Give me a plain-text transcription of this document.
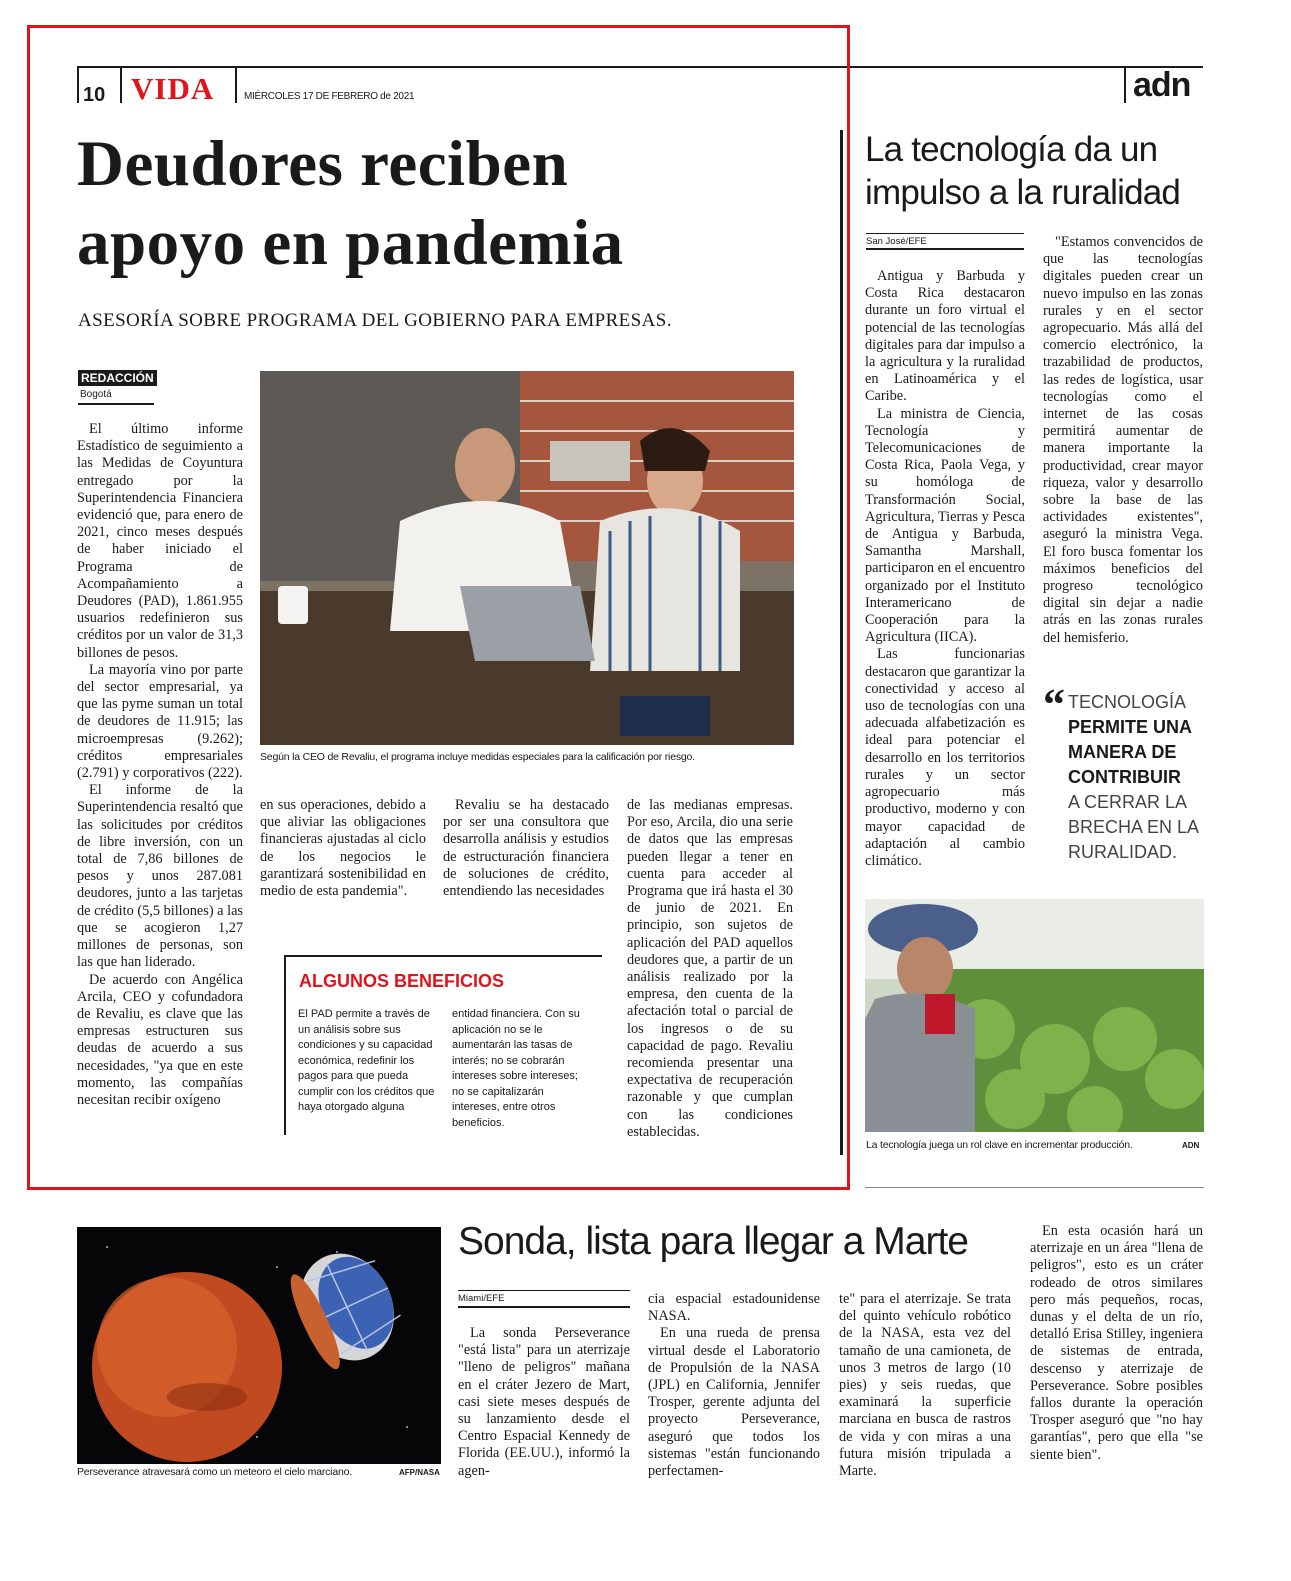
10 VIDA	MIÉRCOLES 17 DE FEBRERO de 2021	adn
Deudores reciben
apoyo en pandemia
ASESORÍA SOBRE PROGRAMA DEL GOBIERNO PARA EMPRESAS.
REDACCIÓN
Bogotá
Según la CEO de Revaliu, el programa incluye medidas especiales para la calificación por riesgo.

El último informe Estadístico de seguimiento a las Medidas de Coyuntura entregado por la Superintendencia Financiera evidenció que, para enero de 2021, cinco meses después de haber iniciado el Programa de Acompañamiento a Deudores (PAD), 1.861.955 usuarios redefinieron sus créditos por un valor de 31,3 billones de pesos.

La mayoría vino por parte del sector empresarial, ya que las pyme suman un total de deudores de 11.915; las microempresas (9.262); créditos empresariales (2.791) y corporativos (222).

El informe de la Superintendencia resaltó que las solicitudes por créditos de libre inversión, con un total de 7,86 billones de pesos y unos 287.081 deudores, junto a las tarjetas de crédito (5,5 billones) a las que se acogieron 1,27 millones de personas, son las que han liderado.

De acuerdo con Angélica Arcila, CEO y cofundadora de Revaliu, es clave que las empresas estructuren sus deudas de acuerdo a sus necesidades, "ya que en este momento, las compañías necesitan recibir oxígeno

en sus operaciones, debido a que aliviar las obligaciones financieras ajustadas al ciclo de los negocios le garantizará sostenibilidad en medio de esta pandemia".

Revaliu se ha destacado por ser una consultora que desarrolla análisis y estudios de estructuración financiera de soluciones de crédito, entendiendo las necesidades

de las medianas empresas. Por eso, Arcila, dio una serie de datos que las empresas pueden llegar a tener en cuenta para acceder al Programa que irá hasta el 30 de junio de 2021. En principio, son sujetos de aplicación del PAD aquellos deudores que, a partir de un análisis realizado por la empresa, den cuenta de la afectación total o parcial de los ingresos o de su capacidad de pago. Revaliu recomienda presentar una expectativa de recuperación razonable y que cumplan con las condiciones establecidas.

ALGUNOS BENEFICIOS
El PAD permite a través de un análisis sobre sus condiciones y su capacidad económica, redefinir los pagos para que pueda cumplir con los créditos que haya otorgado alguna
entidad financiera. Con su aplicación no se le aumentarán las tasas de interés; no se cobrarán intereses sobre intereses; no se capitalizarán intereses, entre otros beneficios.
La tecnología da un impulso a la ruralidad
San José/EFE

Antigua y Barbuda y Costa Rica destacaron durante un foro virtual el potencial de las tecnologías digitales para dar impulso a la agricultura y la ruralidad en Latinoamérica y el Caribe.

La ministra de Ciencia, Tecnología y Telecomunicaciones de Costa Rica, Paola Vega, y su homóloga de Transformación Social, Agricultura, Tierras y Pesca de Antigua y Barbuda, Samantha Marshall, participaron en el encuentro organizado por el Instituto Interamericano de Cooperación para la Agricultura (IICA).

Las funcionarias destacaron que garantizar la conectividad y acceso al uso de tecnologías con una adecuada alfabetización es ideal para potenciar el desarrollo en los territorios rurales y un sector agropecuario más productivo, moderno y con mayor capacidad de adaptación al cambio climático.

"Estamos convencidos de que las tecnologías digitales pueden crear un nuevo impulso en las zonas rurales y en el sector agropecuario. Más allá del comercio electrónico, la trazabilidad de productos, las redes de logística, usar tecnologías como el internet de las cosas permitirá aumentar de manera importante la productividad, crear mayor riqueza, valor y desarrollo sobre la base de las actividades existentes", aseguró la ministra Vega. El foro busca fomentar los máximos beneficios del progreso tecnológico digital sin dejar a nadie atrás en las zonas rurales del hemisferio.

“ TECNOLOGÍA
PERMITE UNA MANERA DE CONTRIBUIR
A CERRAR LA BRECHA EN LA RURALIDAD.
La tecnología juega un rol clave en incrementar producción.	ADN
Perseverance atravesará como un meteoro el cielo marciano.	AFP/NASA
Sonda, lista para llegar a Marte
Miami/EFE

La sonda Perseverance "está lista" para un aterrizaje "lleno de peligros" mañana en el cráter Jezero de Mart, casi siete meses después de su lanzamiento desde el Centro Espacial Kennedy de Florida (EE.UU.), informó la agen-

cia espacial estadounidense NASA.

En una rueda de prensa virtual desde el Laboratorio de Propulsión de la NASA (JPL) en California, Jennifer Trosper, gerente adjunta del proyecto Perseverance, aseguró que todos los sistemas "están funcionando perfectamen-

te" para el aterrizaje. Se trata del quinto vehículo robótico de la NASA, esta vez del tamaño de una camioneta, de unos 3 metros de largo (10 pies) y seis ruedas, que examinará la superficie marciana en busca de rastros de vida y con miras a una futura misión tripulada a Marte.

En esta ocasión hará un aterrizaje en un área "llena de peligros", esto es un cráter rodeado de otros similares pero más pequeños, rocas, dunas y el delta de un río, detalló Erisa Stilley, ingeniera de sistemas de entrada, descenso y aterrizaje de Perseverance. Sobre posibles fallos durante la operación Trosper aseguró que "no hay garantías", pero que ella "se siente bien".
